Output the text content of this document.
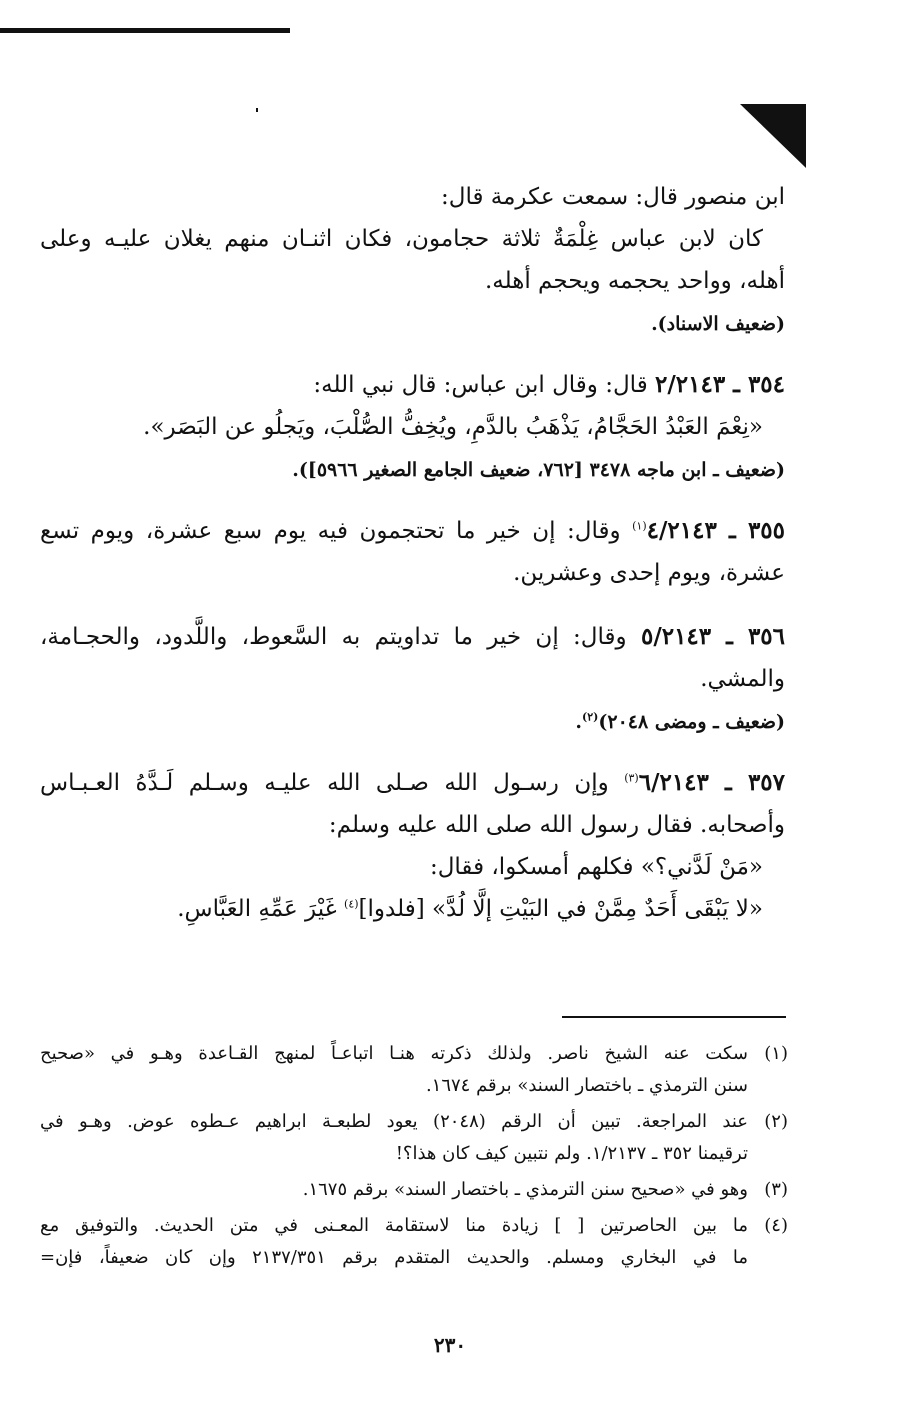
ابن منصور قال: سمعت عكرمة قال:

كان لابن عباس غِلْمَةٌ ثلاثة حجامون، فكان اثنـان منهم يغلان عليـه وعلى

أهله، وواحد يحجمه ويحجم أهله.

(ضعيف الاسناد).

٣٥٤ ـ ٢/٢١٤٣ قال: وقال ابن عباس: قال نبي الله:

«نِعْمَ العَبْدُ الحَجَّامُ، يَذْهَبُ بالدَّمِ، ويُخِفُّ الصُّلْبَ، ويَجلُو عن البَصَر».

(ضعيف ـ ابن ماجه ٣٤٧٨ [٧٦٢، ضعيف الجامع الصغير ٥٩٦٦]).

٣٥٥ ـ ٤/٢١٤٣$^{(١)}$ وقال: إن خير ما تحتجمون فيه يوم سبع عشرة، ويوم تسع

عشرة، ويوم إحدى وعشرين.

٣٥٦ ـ ٥/٢١٤٣ وقال: إن خير ما تداويتم به السَّعوط، واللَّدود، والحجـامة،

والمشي.

(ضعيف ـ ومضى ٢٠٤٨)$^{(٢)}$.

٣٥٧ ـ ٦/٢١٤٣$^{(٣)}$ وإن رسـول الله صـلى الله عليـه وسـلم لَـدَّهُ العـبـاس

وأصحابه. فقال رسول الله صلى الله عليه وسلم:

«مَنْ لَدَّني؟» فكلهم أمسكوا، فقال:

«لا يَبْقَى أَحَدٌ مِمَّنْ في البَيْتِ إلَّا لُدَّ» [فلدوا]$^{(٤)}$ غَيْرَ عَمِّهِ العَبَّاسِ.

(١)

سكت عنه الشيخ ناصر. ولذلك ذكرته هنـا اتباعـاً لمنهج القـاعدة وهـو في «صحيح

سنن الترمذي ـ باختصار السند» برقم ١٦٧٤.

(٢)

عند المراجعة. تبين أن الرقم (٢٠٤٨) يعود لطبعـة ابراهيم عـطوه عوض. وهـو في

ترقيمنا ٣٥٢ ـ ١/٢١٣٧. ولم نتبين كيف كان هذا؟!

(٣)

وهو في «صحيح سنن الترمذي ـ باختصار السند» برقم ١٦٧٥.

(٤)

ما بين الحاصرتين [ ] زيادة منا لاستقامة المعـنى في متن الحديث. والتوفيق مع

ما في البخاري ومسلم. والحديث المتقدم برقم ٢١٣٧/٣٥١ وإن كان ضعيفاً، فإن=

٢٣٠
